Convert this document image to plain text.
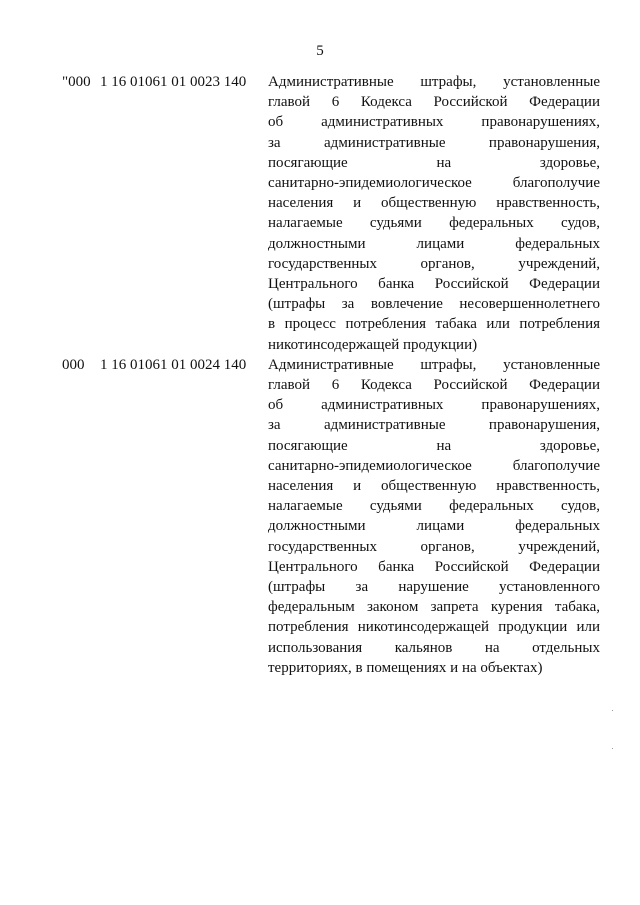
5
"000 1 16 01061 01 0023 140	Административные штрафы, установленные
главой 6 Кодекса Российской Федерации
об административных правонарушениях,
за административные правонарушения,
посягающие на здоровье,
санитарно-эпидемиологическое благополучие
населения и общественную нравственность,
налагаемые судьями федеральных судов,
должностными лицами федеральных
государственных органов, учреждений,
Центрального банка Российской Федерации
(штрафы за вовлечение несовершеннолетнего
в процесс потребления табака или потребления
никотинсодержащей продукции)
000	1 16 01061 01 0024 140	Административные штрафы, установленные
главой 6 Кодекса Российской Федерации
об административных правонарушениях,
за административные правонарушения,
посягающие на здоровье,
санитарно-эпидемиологическое благополучие
населения и общественную нравственность,
налагаемые судьями федеральных судов,
должностными лицами федеральных
государственных органов, учреждений,
Центрального банка Российской Федерации
(штрафы за нарушение установленного
федеральным законом запрета курения табака,
потребления никотинсодержащей продукции или
использования кальянов на отдельных
территориях, в помещениях и на объектах)
